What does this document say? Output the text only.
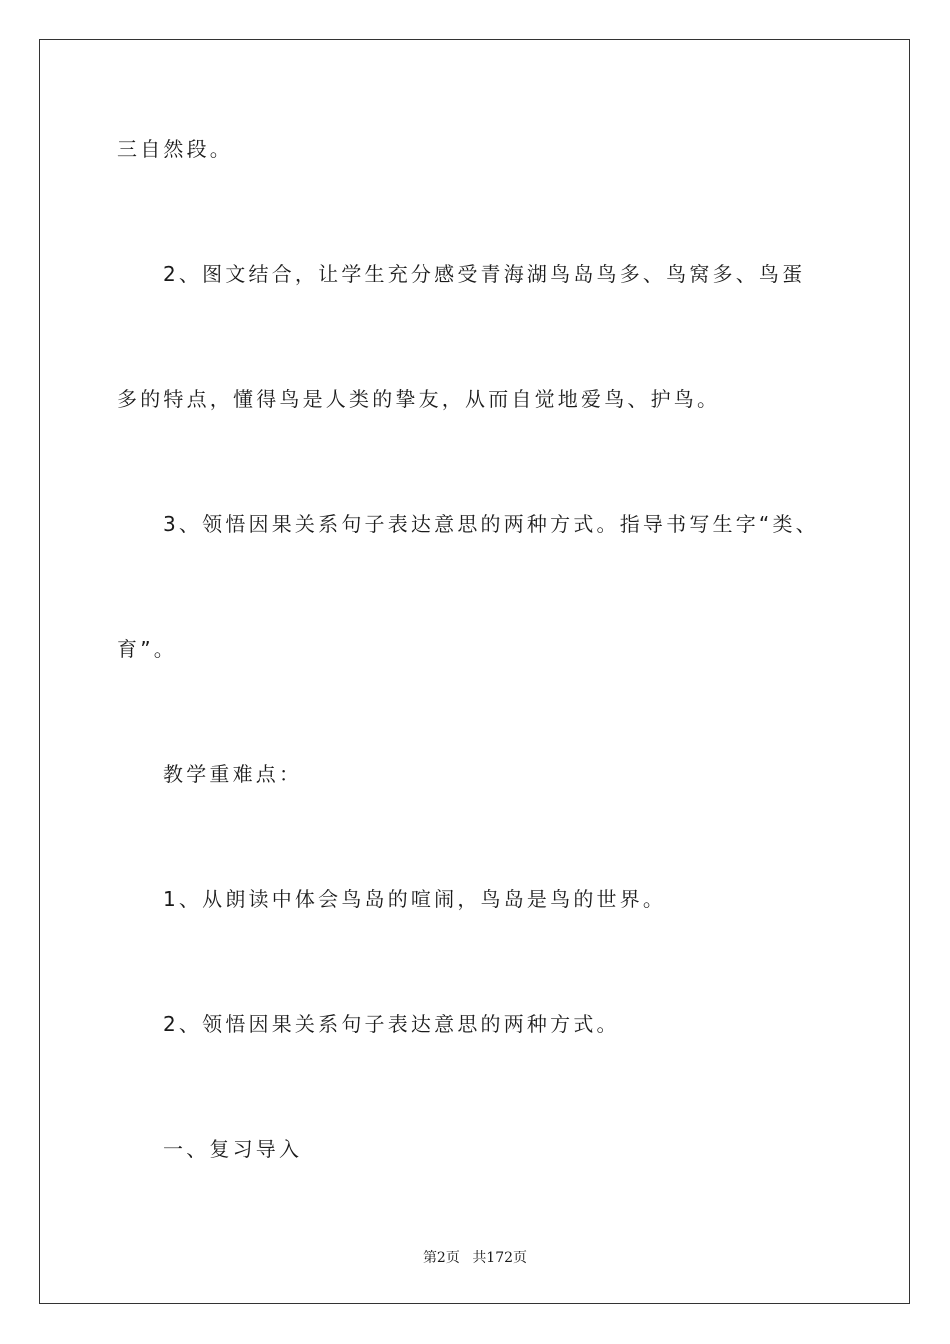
三自然段。
2、图文结合，让学生充分感受青海湖鸟岛鸟多、鸟窝多、鸟蛋
多的特点，懂得鸟是人类的挚友，从而自觉地爱鸟、护鸟。
3、领悟因果关系句子表达意思的两种方式。指导书写生字“类、
育”。
教学重难点：
1、从朗读中体会鸟岛的喧闹，鸟岛是鸟的世界。
2、领悟因果关系句子表达意思的两种方式。
一、复习导入
第2页 共172页
